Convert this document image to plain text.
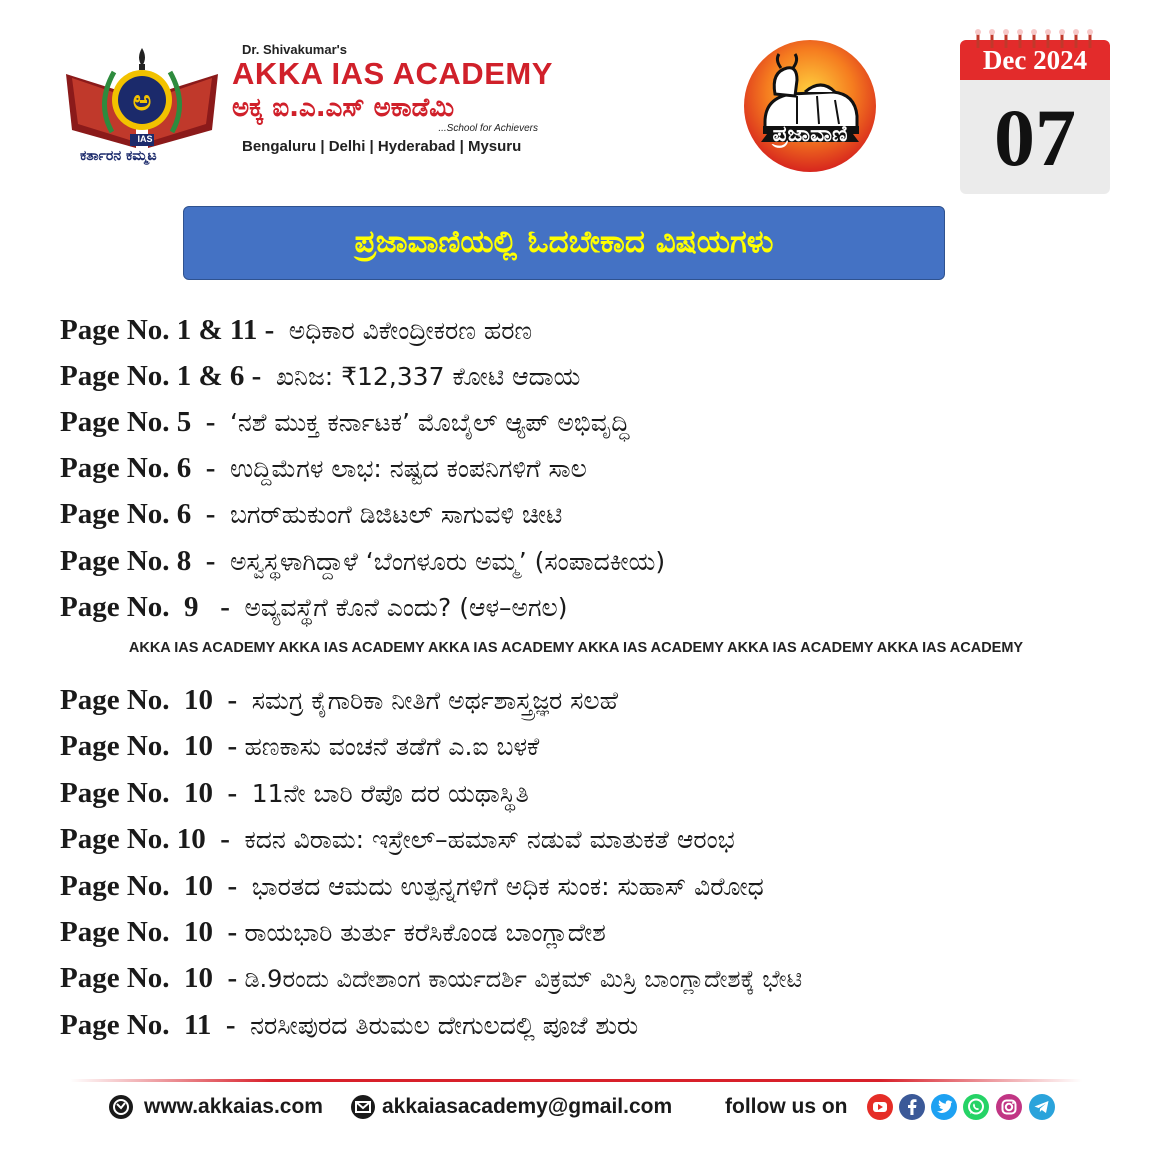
ಅ
IAS
ಕರ್ತಾರನ ಕಮ್ಮಟ
Dr. Shivakumar's
AKKA IAS ACADEMY
ಅಕ್ಕ ಐ.ಎ.ಎಸ್ ಅಕಾಡೆಮಿ
...School for Achievers
Bengaluru | Delhi | Hyderabad | Mysuru	ಪ್ರಜಾವಾಣಿ
Dec 2024
07
ಪ್ರಜಾವಾಣಿಯಲ್ಲಿ ಓದಬೇಕಾದ ವಿಷಯಗಳು
Page No. 1 & 11 -  ಅಧಿಕಾರ ವಿಕೇಂದ್ರೀಕರಣ ಹರಣ
Page No. 1 & 6 -  ಖನಿಜ: ₹12,337 ಕೋಟಿ ಆದಾಯ
Page No. 5  -  ‘ನಶೆ ಮುಕ್ತ ಕರ್ನಾಟಕ’ ಮೊಬೈಲ್ ಆ್ಯಪ್ ಅಭಿವೃದ್ಧಿ
Page No. 6  -  ಉದ್ದಿಮೆಗಳ ಲಾಭ: ನಷ್ಟದ ಕಂಪನಿಗಳಿಗೆ ಸಾಲ
Page No. 6  -  ಬಗರ್‌ಹುಕುಂಗೆ ಡಿಜಿಟಲ್ ಸಾಗುವಳಿ ಚೀಟಿ
Page No. 8  -  ಅಸ್ವಸ್ಥಳಾಗಿದ್ದಾಳೆ ‘ಬೆಂಗಳೂರು ಅಮ್ಮ’ (ಸಂಪಾದಕೀಯ)
Page No.  9   -  ಅವ್ಯವಸ್ಥೆಗೆ ಕೊನೆ ಎಂದು? (ಆಳ–ಅಗಲ)
AKKA IAS ACADEMY AKKA IAS ACADEMY AKKA IAS ACADEMY AKKA IAS ACADEMY AKKA IAS ACADEMY AKKA IAS ACADEMY
Page No.  10  -  ಸಮಗ್ರ ಕೈಗಾರಿಕಾ ನೀತಿಗೆ ಅರ್ಥಶಾಸ್ತ್ರಜ್ಞರ ಸಲಹೆ
Page No.  10  - ಹಣಕಾಸು ವಂಚನೆ ತಡೆಗೆ ಎ.ಐ ಬಳಕೆ
Page No.  10  -  11ನೇ ಬಾರಿ ರೆಪೊ ದರ ಯಥಾಸ್ಥಿತಿ
Page No. 10  -  ಕದನ ವಿರಾಮ: ಇಸ್ರೇಲ್–ಹಮಾಸ್ ನಡುವೆ ಮಾತುಕತೆ ಆರಂಭ
Page No.  10  -  ಭಾರತದ ಆಮದು ಉತ್ಪನ್ನಗಳಿಗೆ ಅಧಿಕ ಸುಂಕ: ಸುಹಾಸ್ ವಿರೋಧ
Page No.  10  - ರಾಯಭಾರಿ ತುರ್ತು ಕರೆಸಿಕೊಂಡ ಬಾಂಗ್ಲಾದೇಶ
Page No.  10  - ಡಿ.9ರಂದು ವಿದೇಶಾಂಗ ಕಾರ್ಯದರ್ಶಿ ವಿಕ್ರಮ್ ಮಿಸ್ರಿ ಬಾಂಗ್ಲಾದೇಶಕ್ಕೆ ಭೇಟಿ
Page No.  11  -  ನರಸೀಪುರದ ತಿರುಮಲ ದೇಗುಲದಲ್ಲಿ ಪೂಜೆ ಶುರು
www.akkaias.com	akkaiasacademy@gmail.com	follow us on
